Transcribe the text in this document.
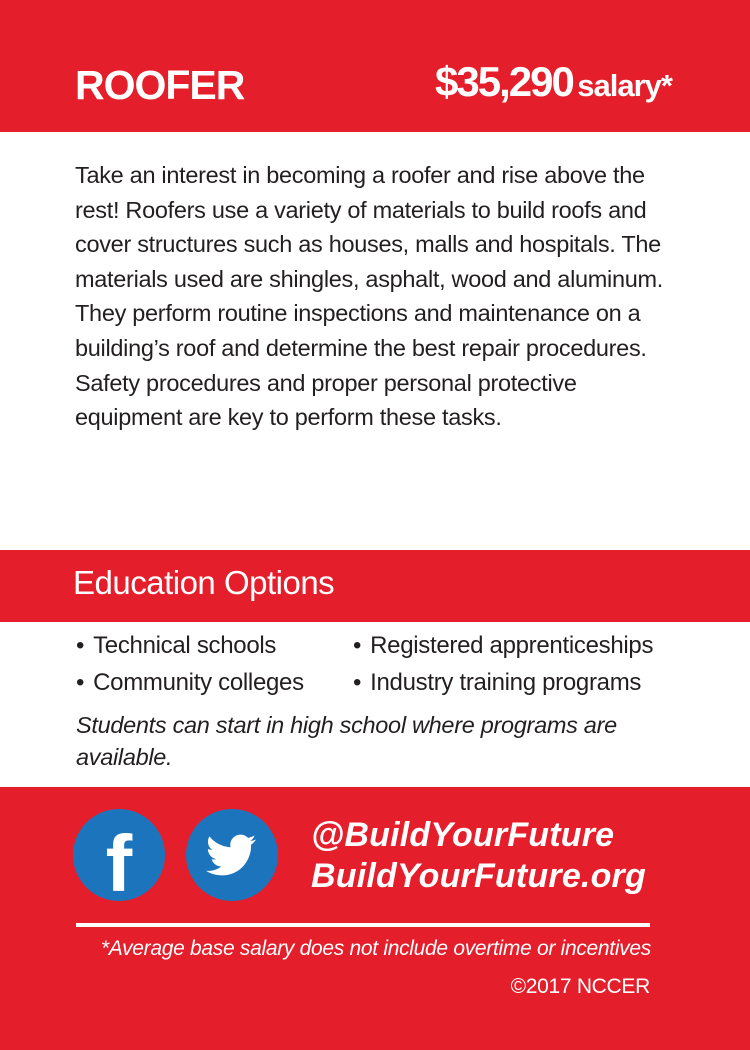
ROOFER	$35,290 salary*

Take an interest in becoming a roofer and rise above the rest! Roofers use a variety of materials to build roofs and cover structures such as houses, malls and hospitals. The materials used are shingles, asphalt, wood and aluminum. They perform routine inspections and maintenance on a building’s roof and determine the best repair procedures. Safety procedures and proper personal protective equipment are key to perform these tasks.

Education Options
• Technical schools
• Community colleges
• Registered apprenticeships
• Industry training programs

Students can start in high school where programs are available.

f	@BuildYourFuture
BuildYourFuture.org
*Average base salary does not include overtime or incentives
©2017 NCCER
